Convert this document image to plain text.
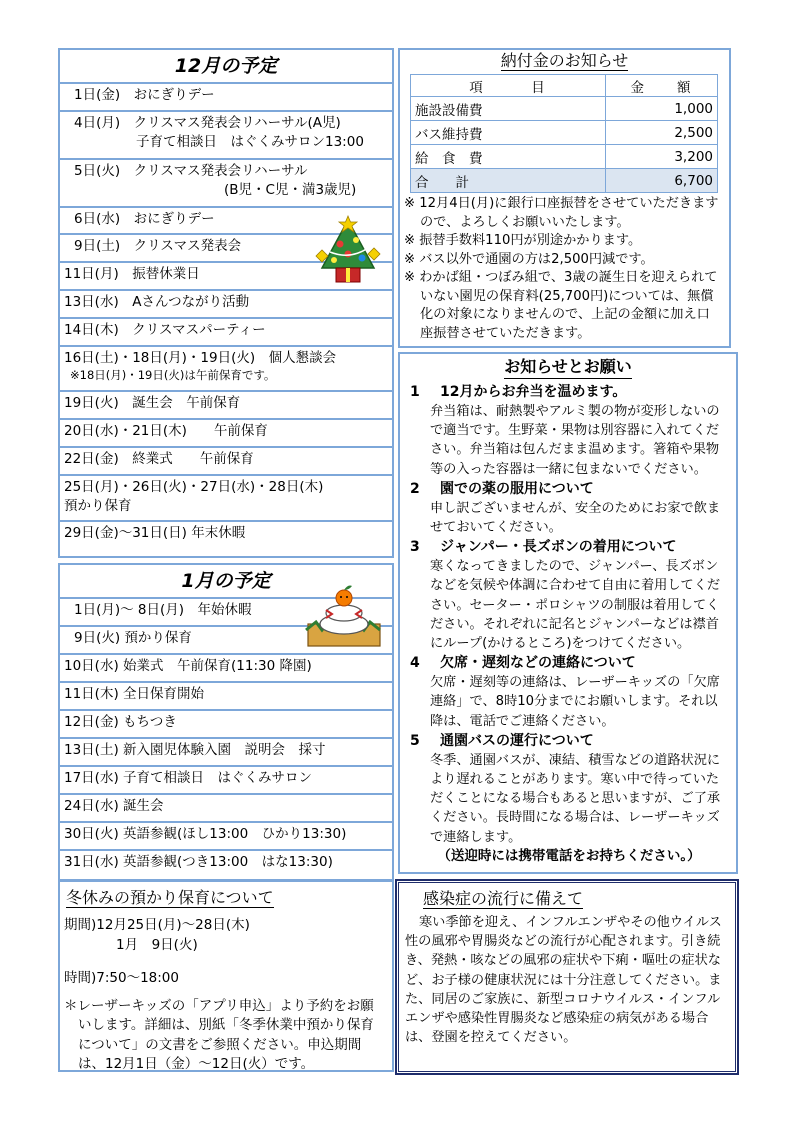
12月の予定
1日(金)　おにぎりデー
4日(月)　クリスマス発表会リハーサル(A児)
子育て相談日　はぐくみサロン13:00
5日(火)　クリスマス発表会リハーサル
(B児・C児・満3歳児)
6日(水)　おにぎりデー
9日(土)　クリスマス発表会
11日(月)　振替休業日
13日(水)　Aさんつながり活動
14日(木)　クリスマスパーティー
16日(土)・18日(月)・19日(火)　個人懇談会
※18日(月)・19日(火)は午前保育です。
19日(火)　誕生会　午前保育
20日(水)・21日(木)　　午前保育
22日(金)　終業式　　午前保育
25日(月)・26日(火)・27日(水)・28日(木)
預かり保育
29日(金)～31日(日) 年末休暇
1月の予定
1日(月)～ 8日(月)　年始休暇
9日(火) 預かり保育
10日(水) 始業式　午前保育(11:30 降園)
11日(木) 全日保育開始
12日(金) もちつき
13日(土) 新入園児体験入園　説明会　採寸
17日(水) 子育て相談日　はぐくみサロン
24日(水) 誕生会
30日(火) 英語参観(ほし13:00　ひかり13:30)
31日(水) 英語参観(つき13:00　はな13:30)
納付金のお知らせ
項　　　目	金　　額
施設設備費	1,000
バス維持費	2,500
給　食　費	3,200
合　　計	6,700

※ 12月4日(月)に銀行口座振替をさせていただきますので、よろしくお願いいたします。

※ 振替手数料110円が別途かかります。

※ バス以外で通園の方は2,500円減です。

※ わかば組・つぼみ組で、3歳の誕生日を迎えられていない園児の保育料(25,700円)については、無償化の対象になりませんので、上記の金額に加え口座振替させていただきます。

お知らせとお願い
1 12月からお弁当を温めます。

弁当箱は、耐熱製やアルミ製の物が変形しないので適当です。生野菜・果物は別容器に入れてください。弁当箱は包んだまま温めます。箸箱や果物等の入った容器は一緒に包まないでください。

2 園での薬の服用について

申し訳ございませんが、安全のためにお家で飲ませておいてください。

3 ジャンパー・長ズボンの着用について

寒くなってきましたので、ジャンパー、長ズボンなどを気候や体調に合わせて自由に着用してください。セーター・ポロシャツの制服は着用してください。それぞれに記名とジャンパーなどは襟首にループ(かけるところ)をつけてください。

4 欠席・遅刻などの連絡について

欠席・遅刻等の連絡は、レーザーキッズの「欠席連絡」で、8時10分までにお願いします。それ以降は、電話でご連絡ください。

5 通園バスの運行について

冬季、通園バスが、凍結、積雪などの道路状況により遅れることがあります。寒い中で待っていただくことになる場合もあると思いますが、ご了承ください。長時間になる場合は、レーザーキッズで連絡します。

（送迎時には携帯電話をお持ちください。）
冬休みの預かり保育について
期間)12月25日(月)～28日(木)
1月　9日(火)
時間)7:50～18:00
＊レーザーキッズの「アプリ申込」より予約をお願いします。詳細は、別紙「冬季休業中預かり保育について」の文書をご参照ください。申込期間は、12月1日（金）～12日(火）です。
感染症の流行に備えて
寒い季節を迎え、インフルエンザやその他ウイルス性の風邪や胃腸炎などの流行が心配されます。引き続き、発熱・咳などの風邪の症状や下痢・嘔吐の症状など、お子様の健康状況には十分注意してください。また、同居のご家族に、新型コロナウイルス・インフルエンザや感染性胃腸炎など感染症の病気がある場合は、登園を控えてください。
